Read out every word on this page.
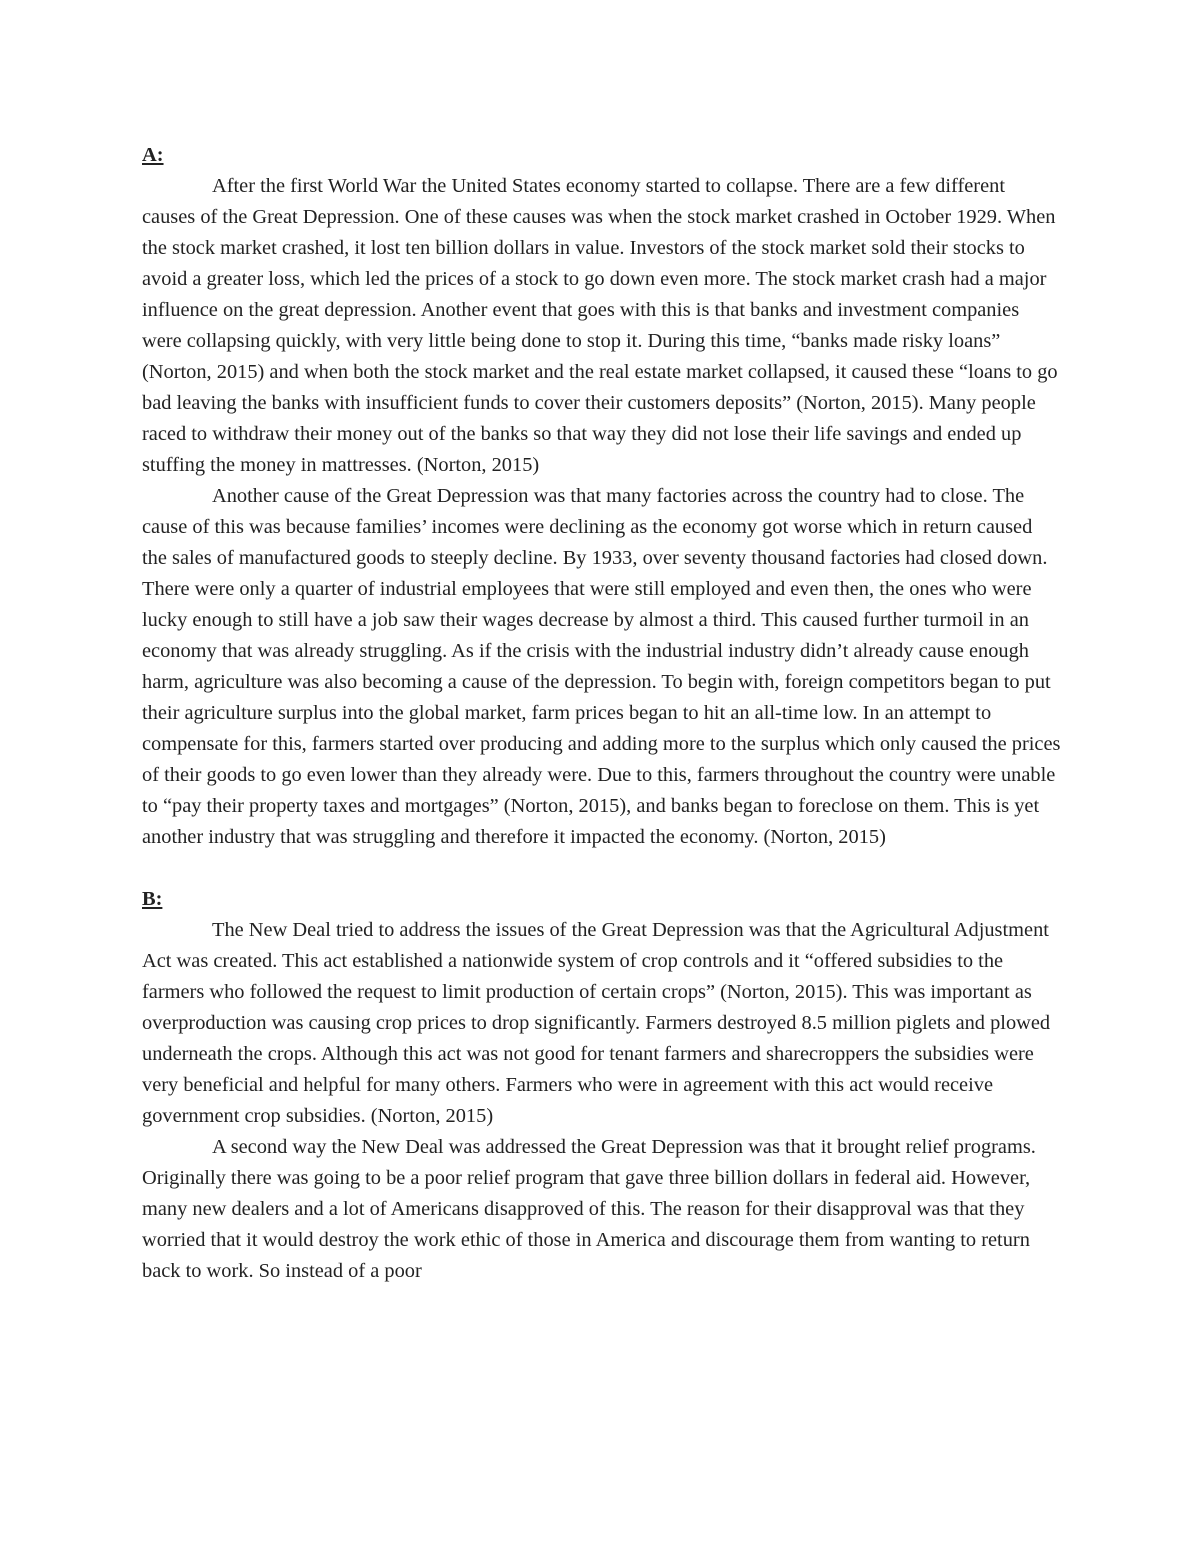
A:

After the first World War the United States economy started to collapse. There are a few different causes of the Great Depression. One of these causes was when the stock market crashed in October 1929. When the stock market crashed, it lost ten billion dollars in value. Investors of the stock market sold their stocks to avoid a greater loss, which led the prices of a stock to go down even more. The stock market crash had a major influence on the great depression. Another event that goes with this is that banks and investment companies were collapsing quickly, with very little being done to stop it. During this time, “banks made risky loans” (Norton, 2015) and when both the stock market and the real estate market collapsed, it caused these “loans to go bad leaving the banks with insufficient funds to cover their customers deposits” (Norton, 2015). Many people raced to withdraw their money out of the banks so that way they did not lose their life savings and ended up stuffing the money in mattresses. (Norton, 2015)

Another cause of the Great Depression was that many factories across the country had to close. The cause of this was because families’ incomes were declining as the economy got worse which in return caused the sales of manufactured goods to steeply decline. By 1933, over seventy thousand factories had closed down. There were only a quarter of industrial employees that were still employed and even then, the ones who were lucky enough to still have a job saw their wages decrease by almost a third. This caused further turmoil in an economy that was already struggling. As if the crisis with the industrial industry didn’t already cause enough harm, agriculture was also becoming a cause of the depression. To begin with, foreign competitors began to put their agriculture surplus into the global market, farm prices began to hit an all-time low. In an attempt to compensate for this, farmers started over producing and adding more to the surplus which only caused the prices of their goods to go even lower than they already were. Due to this, farmers throughout the country were unable to “pay their property taxes and mortgages” (Norton, 2015), and banks began to foreclose on them. This is yet another industry that was struggling and therefore it impacted the economy. (Norton, 2015)

B:

The New Deal tried to address the issues of the Great Depression was that the Agricultural Adjustment Act was created. This act established a nationwide system of crop controls and it “offered subsidies to the farmers who followed the request to limit production of certain crops” (Norton, 2015). This was important as overproduction was causing crop prices to drop significantly. Farmers destroyed 8.5 million piglets and plowed underneath the crops. Although this act was not good for tenant farmers and sharecroppers the subsidies were very beneficial and helpful for many others. Farmers who were in agreement with this act would receive government crop subsidies. (Norton, 2015)

A second way the New Deal was addressed the Great Depression was that it brought relief programs. Originally there was going to be a poor relief program that gave three billion dollars in federal aid. However, many new dealers and a lot of Americans disapproved of this. The reason for their disapproval was that they worried that it would destroy the work ethic of those in America and discourage them from wanting to return back to work. So instead of a poor
